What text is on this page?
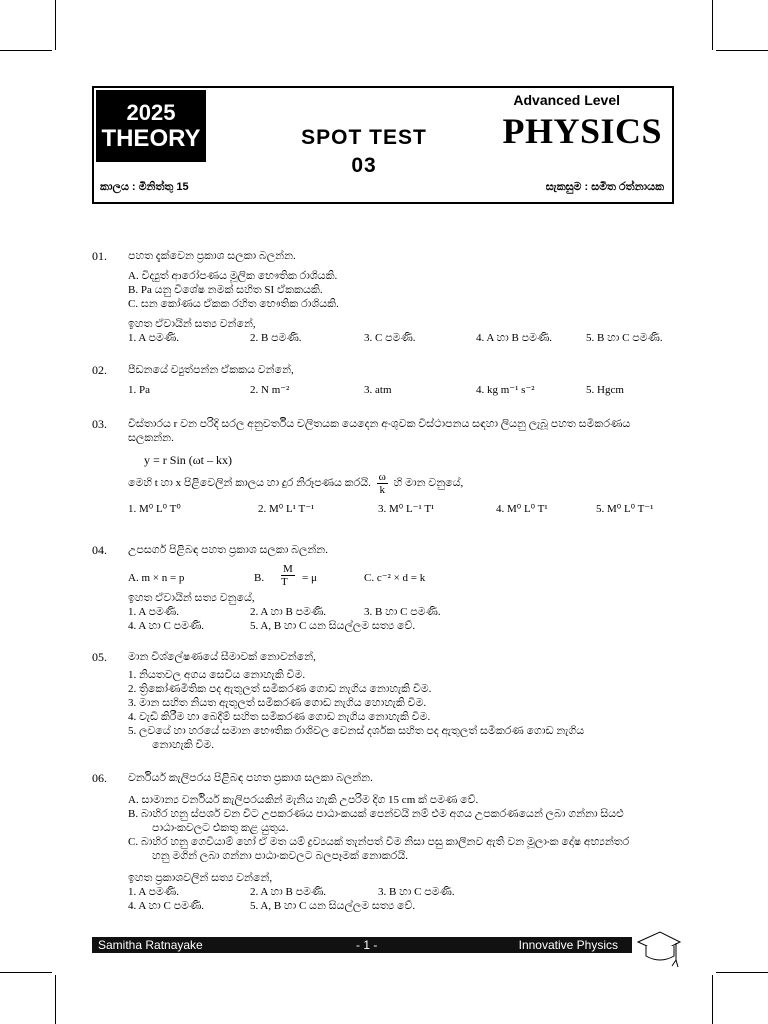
2025
THEORY	SPOT TEST
03
Advanced Level
PHYSICS
කාලය : මිනිත්තු 15	සැකසුම : සමිත රත්නායක
01. පහත දැක්වෙන ප්‍රකාශ සලකා බලන්න.
A. විද්‍යුත් ආරෝපණය මූලික භෞතික රාශියකි.
B. Pa යනු විශේෂ නමක් සහිත SI ඒකකයකි.
C. ඝන කෝණය ඒකක රහිත භෞතික රාශියකි.
ඉහත ඒවායින් සත්‍ය වන්නේ,
1. A පමණි.	2. B පමණි.	3. C පමණි.	4. A හා B පමණි.	5. B හා C පමණි.
02. පීඩනයේ ව්‍යුත්පන්න ඒකකය වන්නේ,
1. Pa	2. N m⁻²	3. atm	4. kg m⁻¹ s⁻²	5. Hgcm
03. විස්තාරය r වන පරිදි සරල අනුවර්තීය චලිතයක යෙදෙන අංශුවක විස්ථාපනය සඳහා ලියනු ලැබූ පහත සමීකරණය
සලකන්න.
y = r Sin (ωt – kx)
මෙහි t හා x පිළිවෙලින් කාලය හා දුර නිරූපණය කරයි. $\frac{\omega}{k}$ හි මාන වනුයේ,
1. M⁰ L⁰ T⁰	2. M⁰ L¹ T⁻¹	3. M⁰ L⁻¹ T¹	4. M⁰ L⁰ T¹	5. M⁰ L⁰ T⁻¹
04. උපසර්ග පිළිබඳ පහත ප්‍රකාශ සලකා බලන්න.
A. m × n = p	B. $\frac{M}{T} = \mu$	C. c⁻² × d = k
ඉහත ඒවායින් සත්‍ය වනුයේ,
1. A පමණි.	2. A හා B පමණි.	3. B හා C පමණි.
4. A හා C පමණි.	5. A, B හා C යන සියල්ලම සත්‍ය වේ.
05. මාන විශ්ලේෂණයේ සීමාවක් නොවන්නේ,
1. නියතවල අගය සෙවිය නොහැකි වීම.
2. ත්‍රිකෝණමිතික පද ඇතුලත් සමීකරණ ගොඩ නැගිය නොහැකි වීම.
3. මාන සහිත නියත ඇතුලත් සමීකරණ ගොඩ නැගිය හොහැකි වීම.
4. වැඩි කිරීම හා බෙදීම් සහිත සමීකරණ ගොඩ නැගිය නොහැකි වීම.
5. ලවයේ හා හරයේ සමාන භෞතික රාශිවල වෙනස් දර්ශක සහිත පද ඇතුලත් සමීකරණ ගොඩ නැගිය
නොහැකි වීම.
06. වර්නියර් කැලිපරය පිළිබඳ පහත ප්‍රකාශ සලකා බලන්න.
A. සාමාන්‍ය වර්නියර් කැලිපරයකින් මැනිය හැකි උපරිම දිග 15 cm ක් පමණ වේ.
B. බාහිර හනු ස්පර්ශ වන විට උපකරණය පාඨාංකයක් පෙන්වයි නම් එම අගය උපකරණයෙන් ලබා ගන්නා සියළු
පාඨාංකවලට එකතු කළ යුතුය.
C. බාහිර හනු ගෙවියාම් හෝ ඒ මත යම් ද්‍රව්‍යයක් තැන්පත් වීම නිසා පසු කාලීනව ඇති වන මූලාංක දෝෂ අභ්‍යන්තර
හනු මගින් ලබා ගන්නා පාඨාංකවලට බලපෑමක් නොකරයි.
ඉහත ප්‍රකාශවලින් සත්‍ය වන්නේ,
1. A පමණි.	2. A හා B පමණි.	3. B හා C පමණි.
4. A හා C පමණි.	5. A, B හා C යන සියල්ලම සත්‍ය වේ.
Samitha Ratnayake	- 1 -	Innovative Physics
